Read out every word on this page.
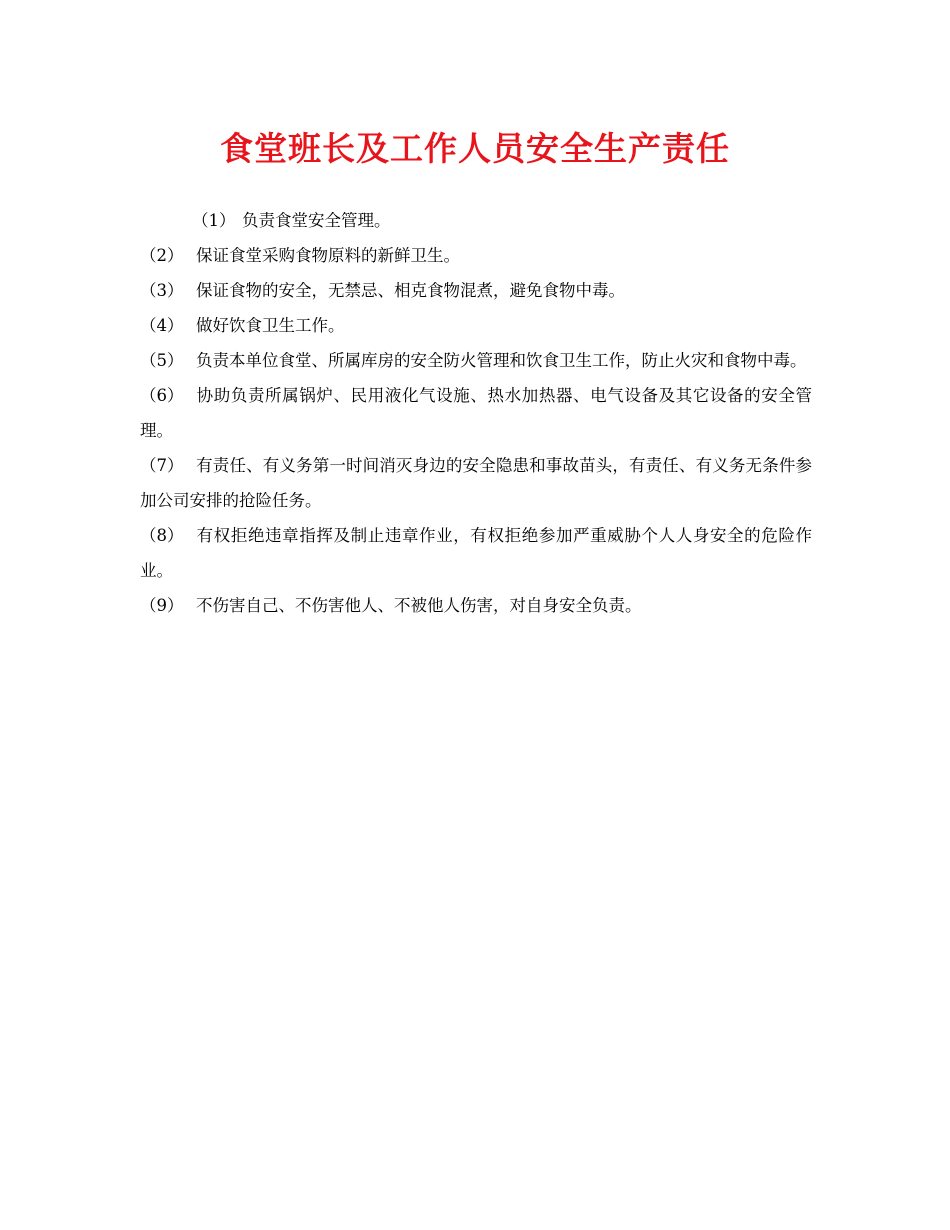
食堂班长及工作人员安全生产责任
（1） 负责食堂安全管理。
（2） 保证食堂采购食物原料的新鲜卫生。
（3） 保证食物的安全，无禁忌、相克食物混煮，避免食物中毒。
（4） 做好饮食卫生工作。
（5） 负责本单位食堂、所属库房的安全防火管理和饮食卫生工作，防止火灾和食物中毒。
（6） 协助负责所属锅炉、民用液化气设施、热水加热器、电气设备及其它设备的安全管理。
（7） 有责任、有义务第一时间消灭身边的安全隐患和事故苗头，有责任、有义务无条件参加公司安排的抢险任务。
（8） 有权拒绝违章指挥及制止违章作业，有权拒绝参加严重威胁个人人身安全的危险作业。
（9） 不伤害自己、不伤害他人、不被他人伤害，对自身安全负责。
